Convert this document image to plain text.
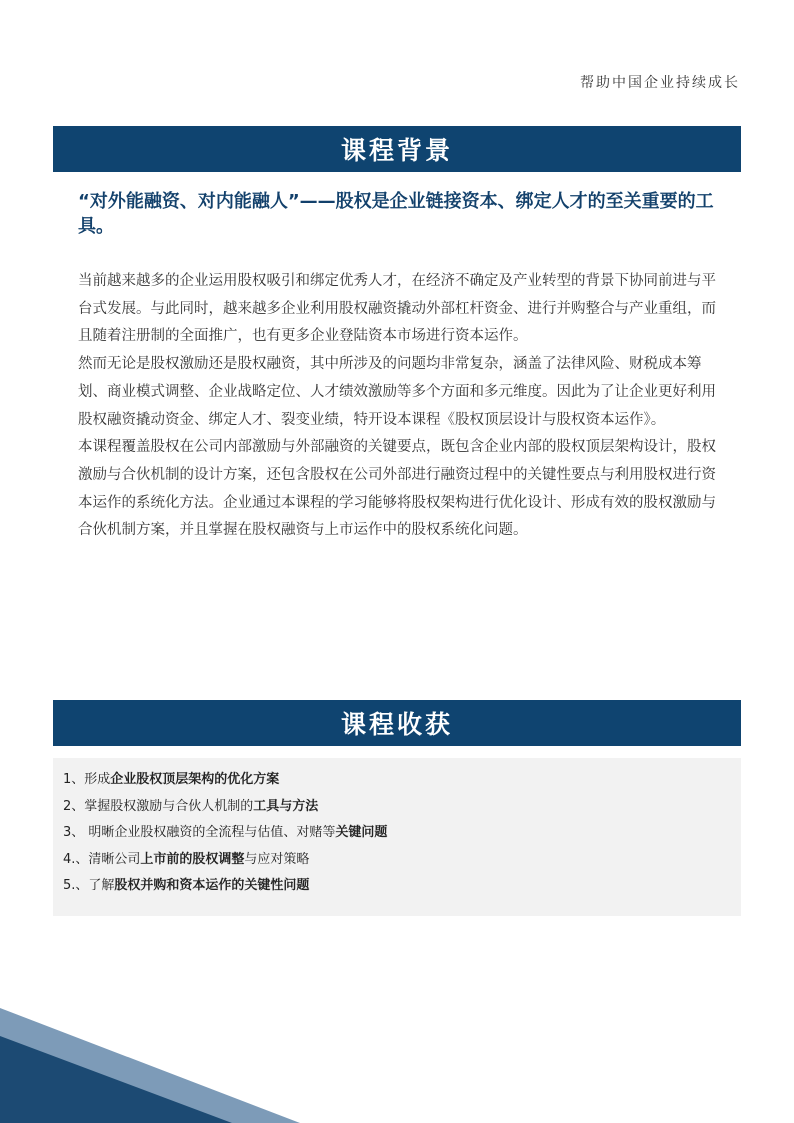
帮助中国企业持续成长
课程背景
“对外能融资、对内能融人”——股权是企业链接资本、绑定人才的至关重要的工具。

当前越来越多的企业运用股权吸引和绑定优秀人才，在经济不确定及产业转型的背景下协同前进与平台式发展。与此同时，越来越多企业利用股权融资撬动外部杠杆资金、进行并购整合与产业重组，而且随着注册制的全面推广，也有更多企业登陆资本市场进行资本运作。

然而无论是股权激励还是股权融资，其中所涉及的问题均非常复杂，涵盖了法律风险、财税成本筹划、商业模式调整、企业战略定位、人才绩效激励等多个方面和多元维度。因此为了让企业更好利用股权融资撬动资金、绑定人才、裂变业绩，特开设本课程《股权顶层设计与股权资本运作》。

本课程覆盖股权在公司内部激励与外部融资的关键要点，既包含企业内部的股权顶层架构设计，股权激励与合伙机制的设计方案，还包含股权在公司外部进行融资过程中的关键性要点与利用股权进行资本运作的系统化方法。企业通过本课程的学习能够将股权架构进行优化设计、形成有效的股权激励与合伙机制方案，并且掌握在股权融资与上市运作中的股权系统化问题。

课程收获
1、形成企业股权顶层架构的优化方案
2、掌握股权激励与合伙人机制的工具与方法
3、 明晰企业股权融资的全流程与估值、对赌等关键问题
4.、清晰公司上市前的股权调整与应对策略
5.、了解股权并购和资本运作的关键性问题
